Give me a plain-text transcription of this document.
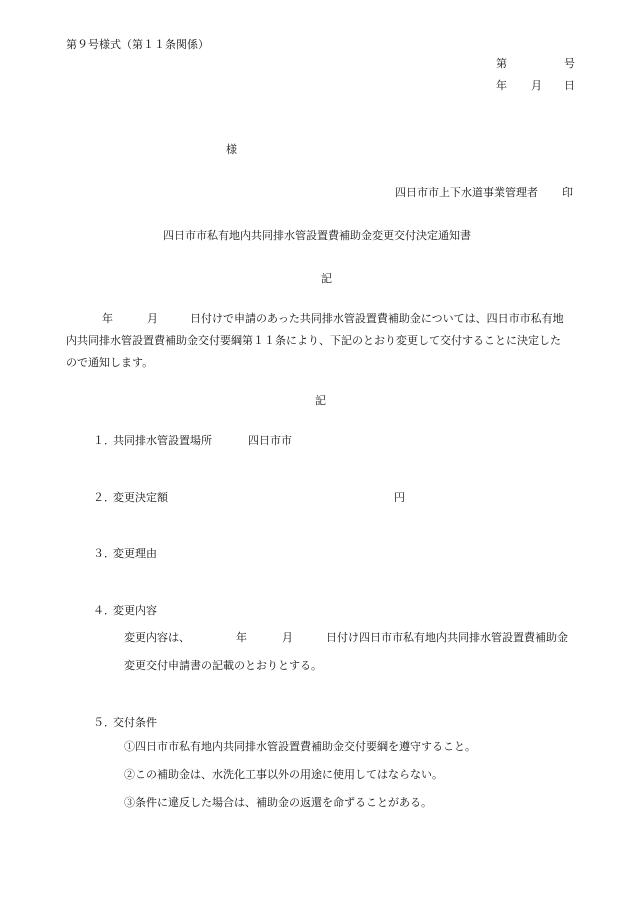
第９号様式（第１１条関係）
第	号
年 月 日
様
四日市市上下水道事業管理者 印
四日市市私有地内共同排水管設置費補助金変更交付決定通知書
記
年	月	日付けで申請のあった共同排水管設置費補助金については、四日市市私有地
内共同排水管設置費補助金交付要綱第１１条により、下記のとおり変更して交付することに決定した
ので通知します。
記
１．
共同排水管設置場所	四日市市
２．
変更決定額	円
３．
変更理由
４．
変更内容
変更内容は、	年	月	日付け四日市市私有地内共同排水管設置費補助金
変更交付申請書の記載のとおりとする。
５．
交付条件
①四日市市私有地内共同排水管設置費補助金交付要綱を遵守すること。
②この補助金は、水洗化工事以外の用途に使用してはならない。
③条件に違反した場合は、補助金の返還を命ずることがある。
